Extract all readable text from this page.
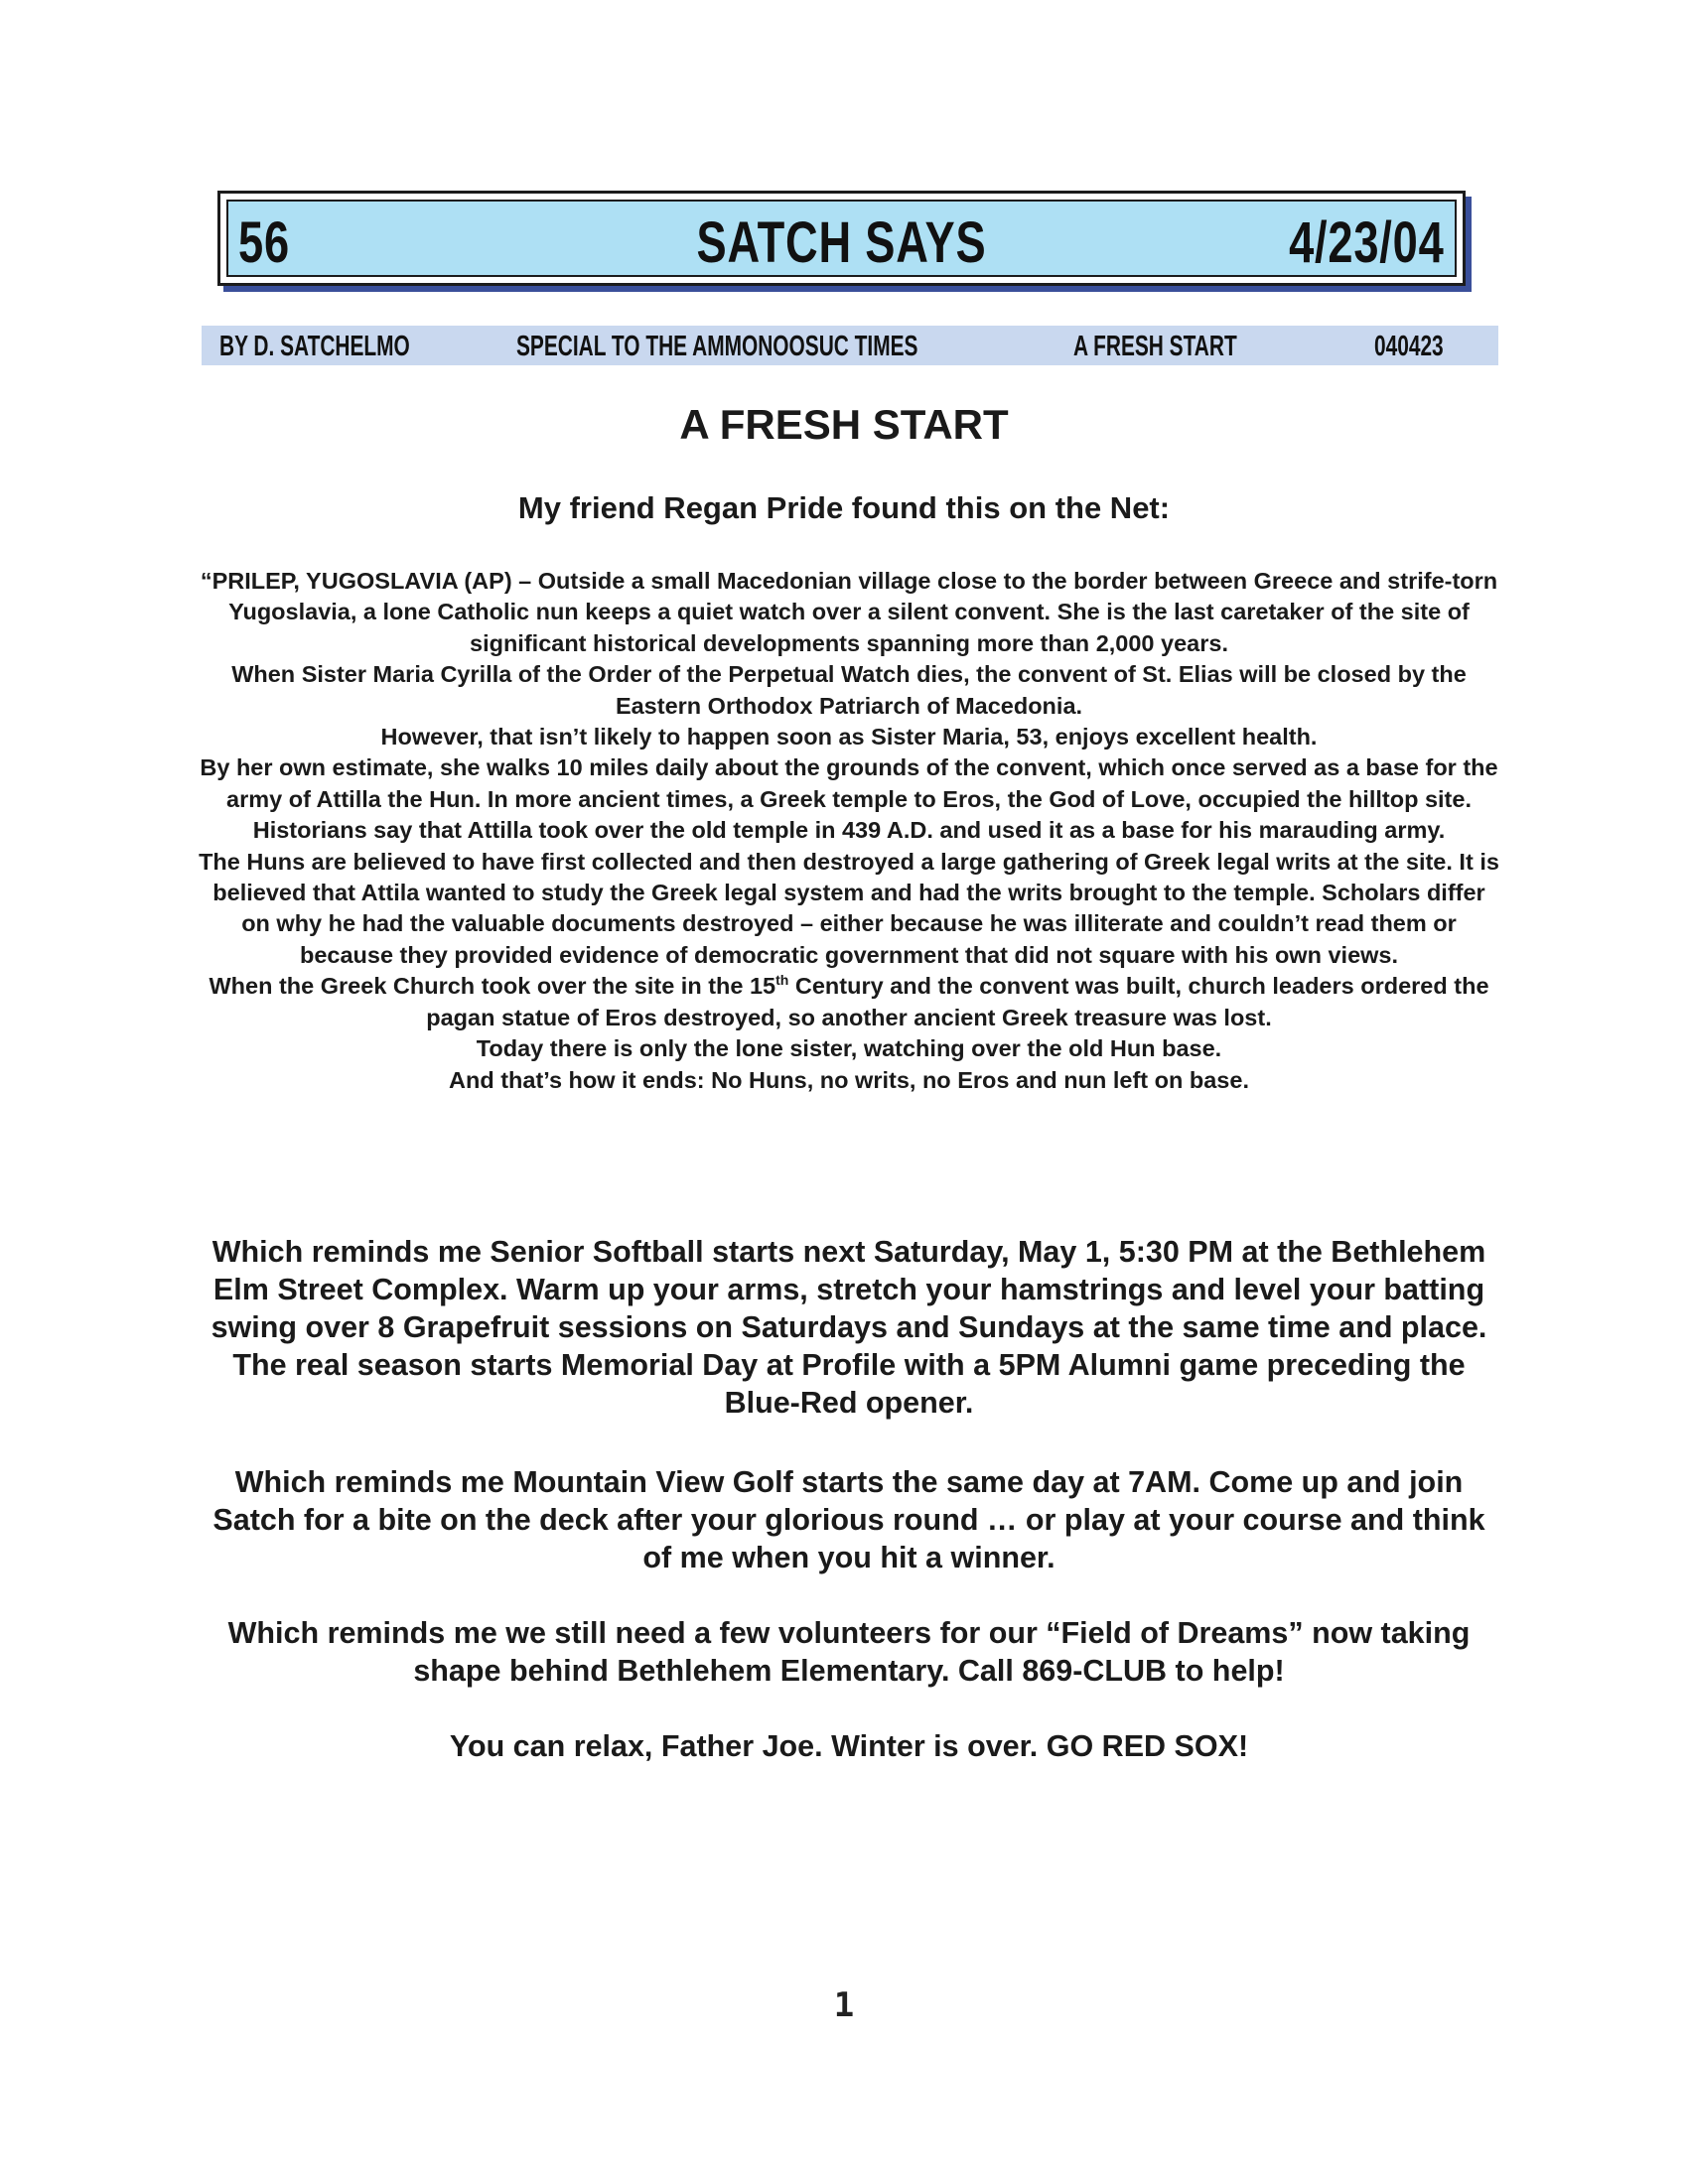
56	SATCH SAYS	4/23/04
BY D. SATCHELMO	SPECIAL TO THE AMMONOOSUC TIMES	A FRESH START	040423
A FRESH START
My friend Regan Pride found this on the Net:

“PRILEP, YUGOSLAVIA (AP) – Outside a small Macedonian village close to the border between Greece and strife-torn Yugoslavia, a lone Catholic nun keeps a quiet watch over a silent convent. She is the last caretaker of the site of significant historical developments spanning more than 2,000 years.

When Sister Maria Cyrilla of the Order of the Perpetual Watch dies, the convent of St. Elias will be closed by the Eastern Orthodox Patriarch of Macedonia.

However, that isn’t likely to happen soon as Sister Maria, 53, enjoys excellent health.

By her own estimate, she walks 10 miles daily about the grounds of the convent, which once served as a base for the army of Attilla the Hun. In more ancient times, a Greek temple to Eros, the God of Love, occupied the hilltop site. Historians say that Attilla took over the old temple in 439 A.D. and used it as a base for his marauding army.

The Huns are believed to have first collected and then destroyed a large gathering of Greek legal writs at the site. It is believed that Attila wanted to study the Greek legal system and had the writs brought to the temple. Scholars differ on why he had the valuable documents destroyed – either because he was illiterate and couldn’t read them or because they provided evidence of democratic government that did not square with his own views.

When the Greek Church took over the site in the 15th Century and the convent was built, church leaders ordered the pagan statue of Eros destroyed, so another ancient Greek treasure was lost.

Today there is only the lone sister, watching over the old Hun base.

And that’s how it ends: No Huns, no writs, no Eros and nun left on base.

Which reminds me Senior Softball starts next Saturday, May 1, 5:30 PM at the Bethlehem Elm Street Complex. Warm up your arms, stretch your hamstrings and level your batting swing over 8 Grapefruit sessions on Saturdays and Sundays at the same time and place. The real season starts Memorial Day at Profile with a 5PM Alumni game preceding the Blue-Red opener.

Which reminds me Mountain View Golf starts the same day at 7AM. Come up and join Satch for a bite on the deck after your glorious round … or play at your course and think of me when you hit a winner.

Which reminds me we still need a few volunteers for our “Field of Dreams” now taking shape behind Bethlehem Elementary. Call 869-CLUB to help!

You can relax, Father Joe. Winter is over. GO RED SOX!

1
